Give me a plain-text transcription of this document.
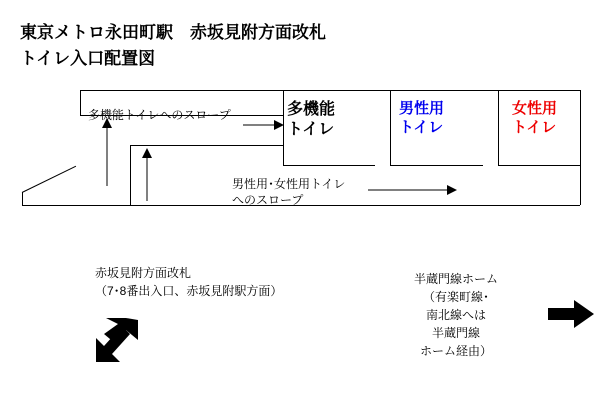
東京メトロ永田町駅　赤坂見附方面改札
トイレ入口配置図
多機能
トイレ
男性用
トイレ
女性用
トイレ
多機能トイレへのスロープ
男性用･女性用トイレ
へのスロープ
赤坂見附方面改札
（7･8番出入口、赤坂見附駅方面）
半蔵門線ホーム
（有楽町線･
南北線へは
半蔵門線
ホーム経由）
